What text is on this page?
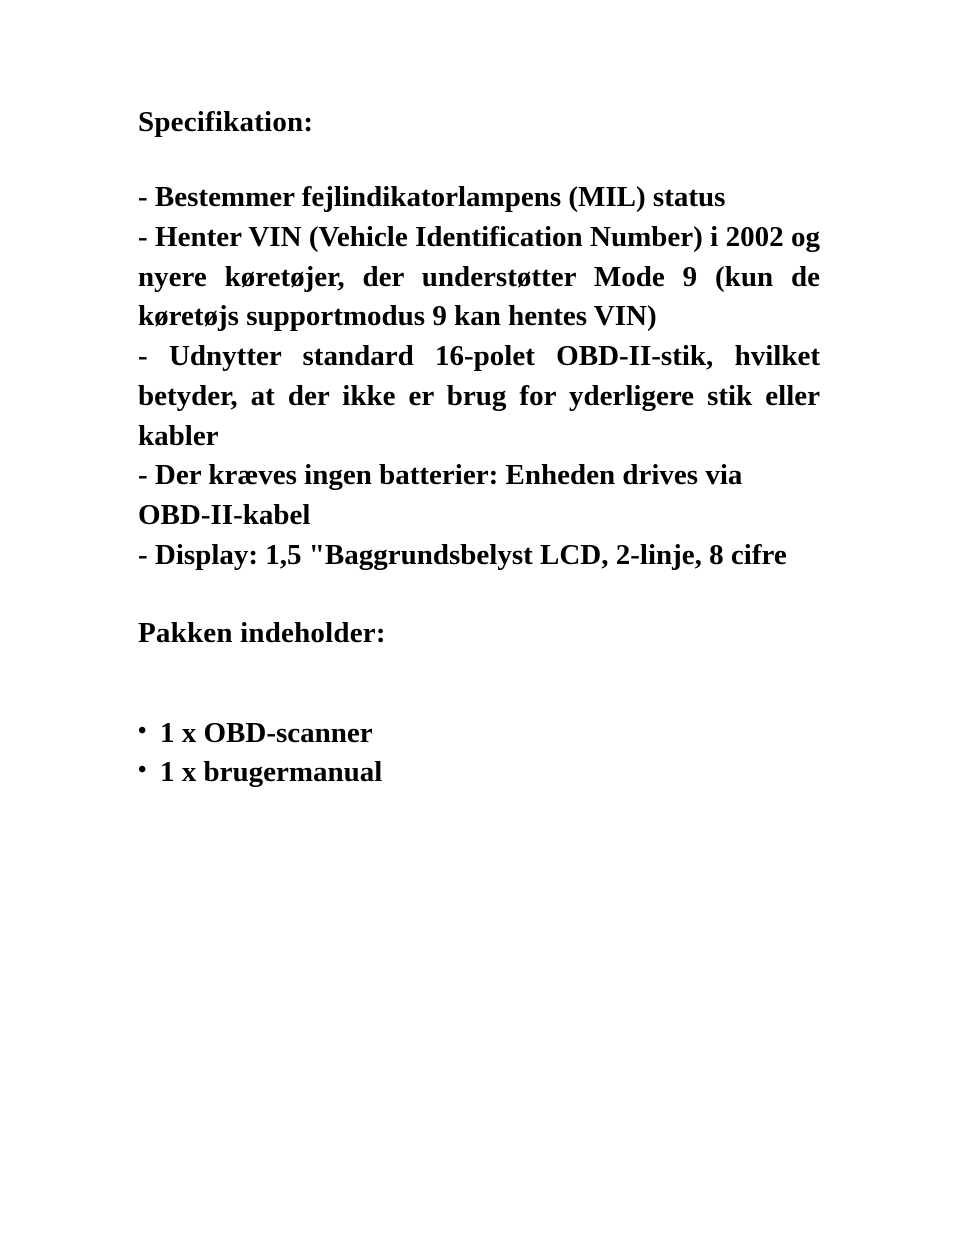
Specifikation:
- Bestemmer fejlindikatorlampens (MIL) status
- Henter VIN (Vehicle Identification Number) i 2002 og nyere køretøjer, der understøtter Mode 9 (kun de køretøjs supportmodus 9 kan hentes VIN)
- Udnytter standard 16-polet OBD-II-stik, hvilket betyder, at der ikke er brug for yderligere stik eller kabler
- Der kræves ingen batterier: Enheden drives via OBD-II-kabel
- Display: 1,5 "Baggrundsbelyst LCD, 2-linje, 8 cifre
Pakken indeholder:
• 1 x OBD-scanner
• 1 x brugermanual
